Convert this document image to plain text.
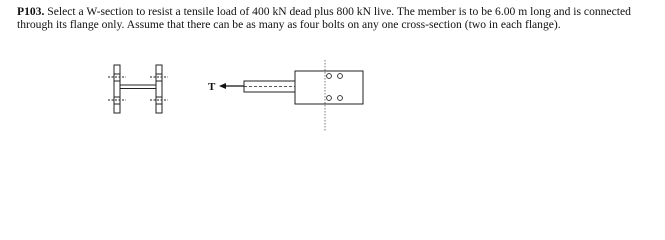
P103. Select a W-section to resist a tensile load of 400 kN dead plus 800 kN live. The member is to be 6.00 m long and is connected through its flange only. Assume that there can be as many as four bolts on any one cross-section (two in each flange).

T
